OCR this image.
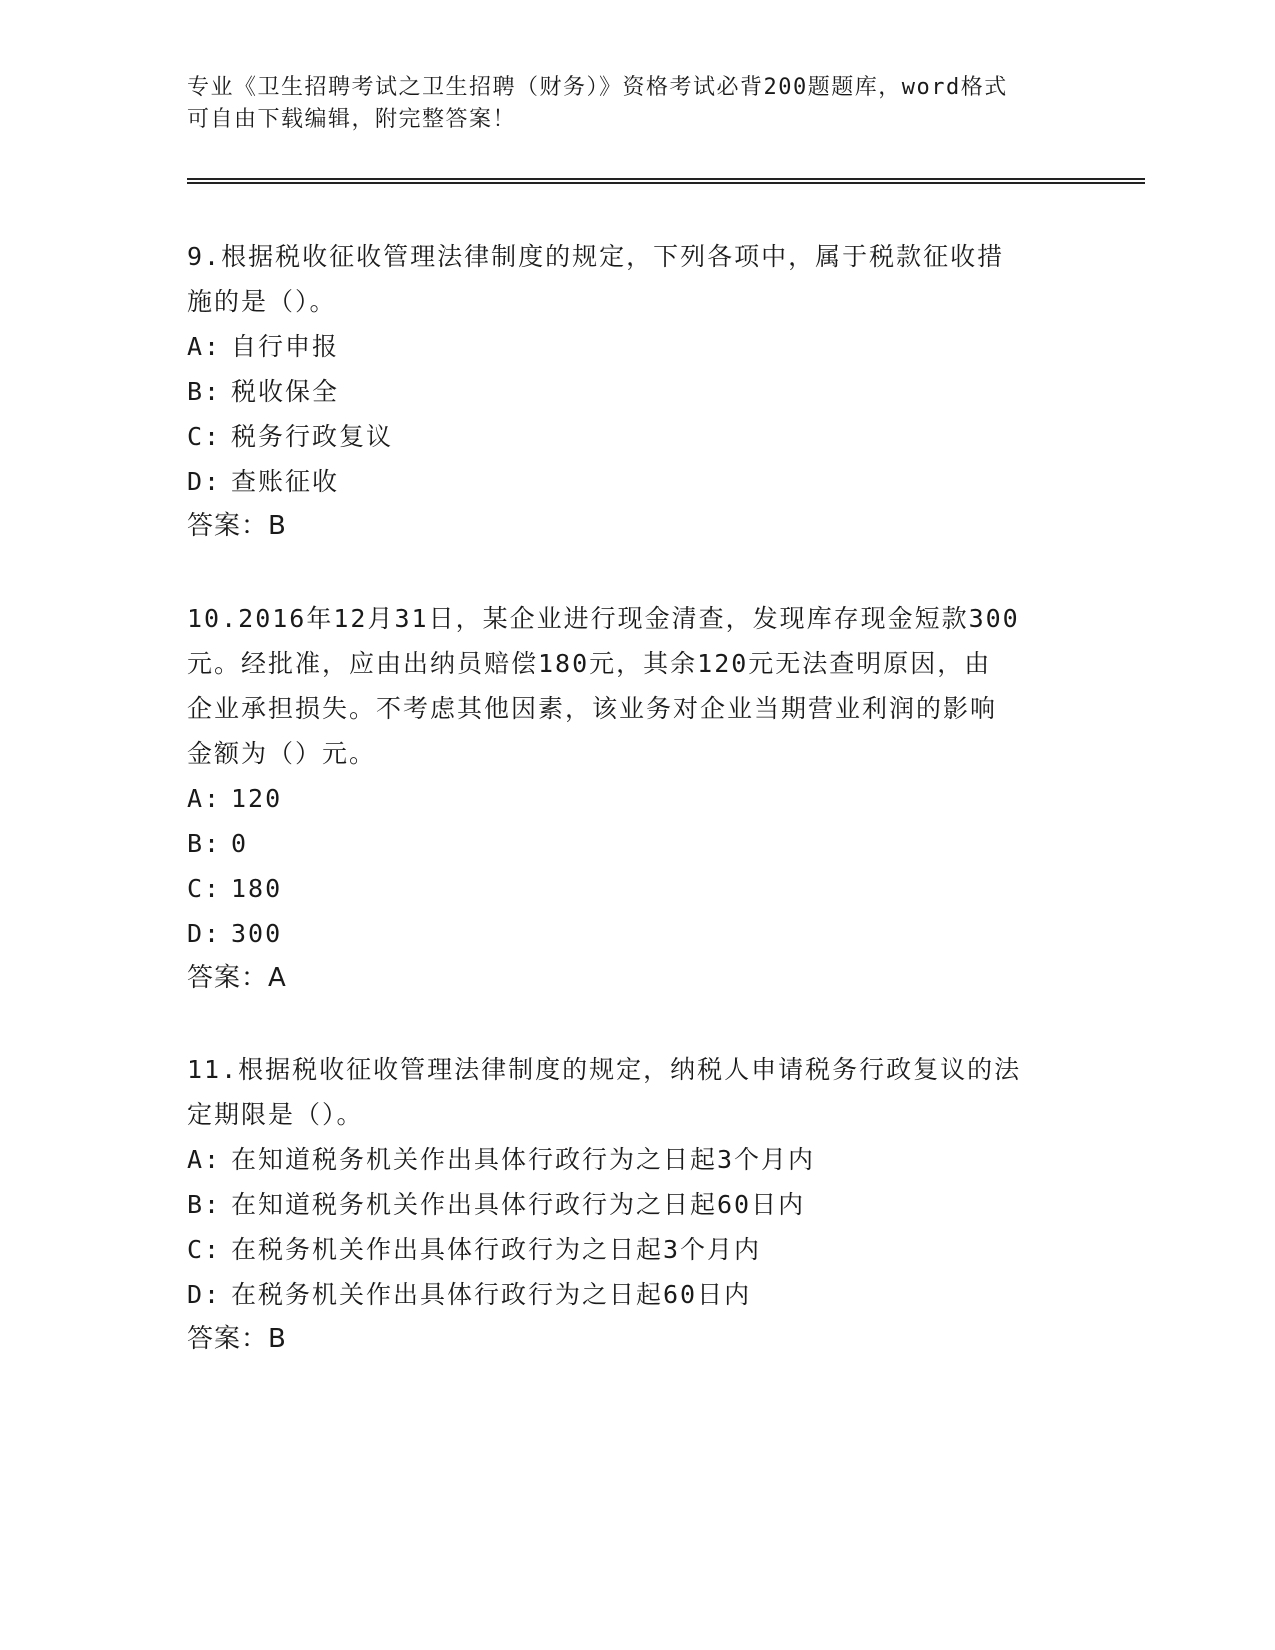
专业《卫生招聘考试之卫生招聘（财务）》资格考试必背200题题库，word格式
可自由下载编辑，附完整答案！

9.根据税收征收管理法律制度的规定，下列各项中，属于税款征收措

施的是（）。

A: 自行申报

B: 税收保全

C: 税务行政复议

D: 查账征收

答案：B

10.2016年12月31日，某企业进行现金清查，发现库存现金短款300

元。经批准，应由出纳员赔偿180元，其余120元无法查明原因，由

企业承担损失。不考虑其他因素，该业务对企业当期营业利润的影响

金额为（）元。

A: 120

B: 0

C: 180

D: 300

答案：A

11.根据税收征收管理法律制度的规定，纳税人申请税务行政复议的法

定期限是（）。

A: 在知道税务机关作出具体行政行为之日起3个月内

B: 在知道税务机关作出具体行政行为之日起60日内

C: 在税务机关作出具体行政行为之日起3个月内

D: 在税务机关作出具体行政行为之日起60日内

答案：B
